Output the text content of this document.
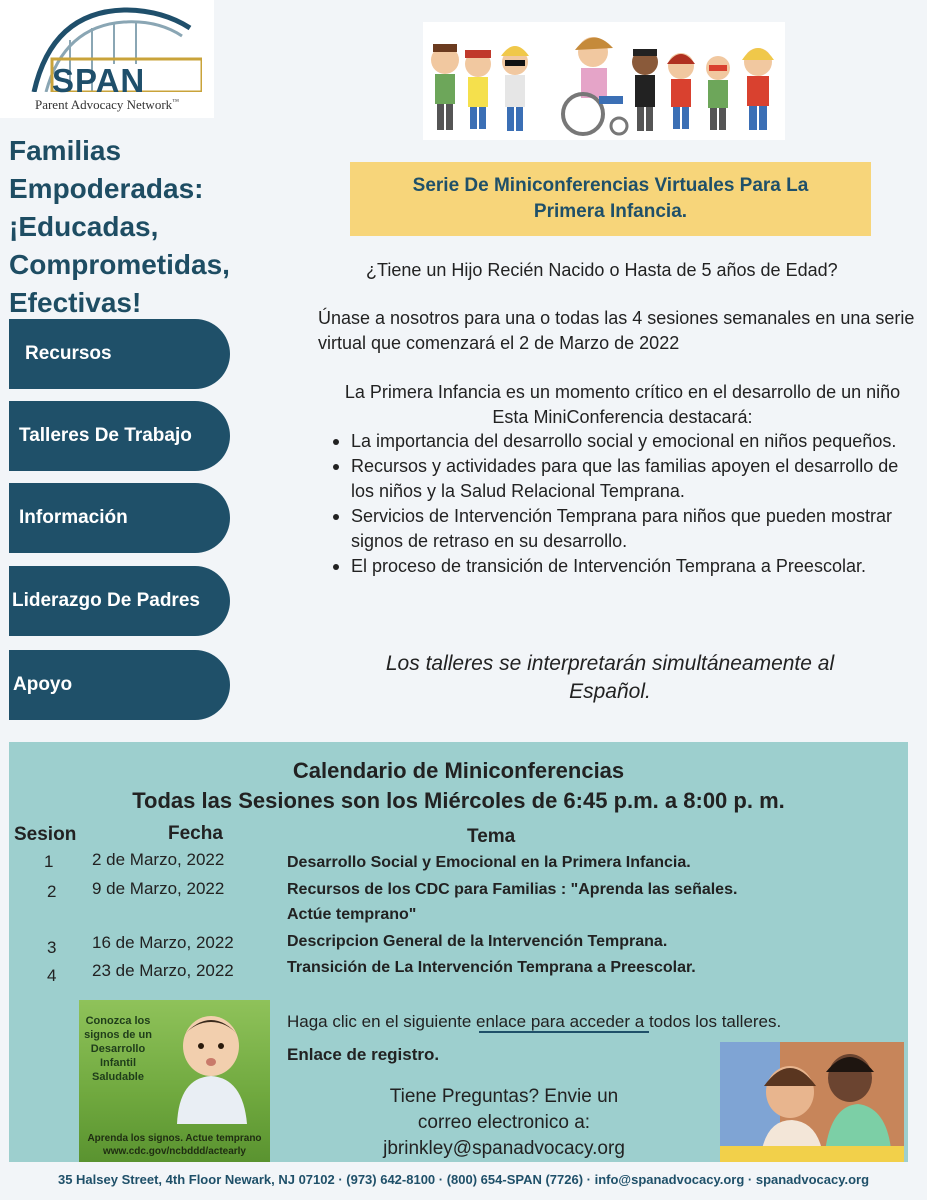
SPAN
Parent Advocacy Network™
Familias
Empoderadas:
¡Educadas,
Comprometidas,
Efectivas!
Recursos
Talleres De Trabajo
Información
Liderazgo De Padres
Apoyo
Serie De Miniconferencias Virtuales Para La
Primera Infancia.
¿Tiene un Hijo Recién Nacido o Hasta de 5 años de Edad?
Únase a nosotros para una o todas las 4 sesiones semanales en una serie virtual que comenzará el 2 de Marzo de 2022
La Primera Infancia es un momento crítico en el desarrollo de un niño
Esta MiniConferencia destacará:
La importancia del desarrollo social y emocional en niños pequeños.
Recursos y actividades para que las familias apoyen el desarrollo de los niños y la Salud Relacional Temprana.
Servicios de Intervención Temprana para niños que pueden mostrar signos de retraso en su desarrollo.
El proceso de transición de Intervención Temprana a Preescolar.
Los talleres se interpretarán simultáneamente al
Español.
Calendario de Miniconferencias
Todas las Sesiones son los Miércoles de 6:45 p.m. a 8:00 p. m.
Sesion	Fecha	Tema
1 2 de Marzo, 2022	Desarrollo Social y Emocional en la Primera Infancia.
2 9 de Marzo, 2022	Recursos de los CDC para Familias : "Aprenda las señales.
Actúe temprano"
3 16 de Marzo, 2022	Descripcion General de la Intervención Temprana.
4 23 de Marzo, 2022	Transición de La Intervención Temprana a Preescolar.
Conozca los
signos de un
Desarrollo
Infantil
Saludable
Aprenda los signos. Actue temprano
www.cdc.gov/ncbddd/actearly
Haga clic en el siguiente enlace para acceder a todos los talleres.
Enlace de registro.
Tiene Preguntas? Envie un
correo electronico a:
jbrinkley@spanadvocacy.org
35 Halsey Street, 4th Floor Newark, NJ 07102 · (973) 642-8100 · (800) 654-SPAN (7726) · info@spanadvocacy.org · spanadvocacy.org
